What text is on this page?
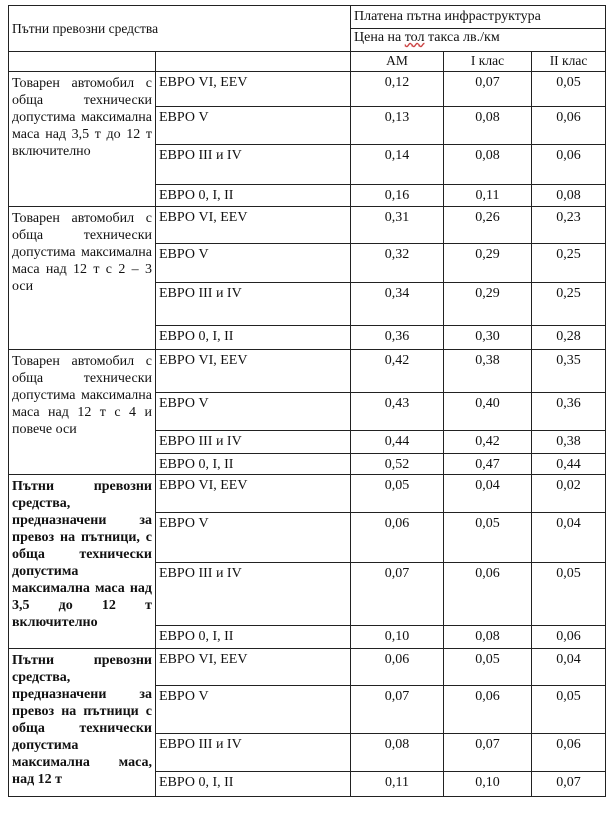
Пътни превозни средства		Платена пътна инфраструктура		
		Цена на тол такса лв./км		
		АМ	I клас	II клас
Товарен автомобил с обща технически допустима максимална маса над 3,5 т до 12 т включително	ЕВРО VI, EEV	0,12	0,07	0,05
	ЕВРО V	0,13	0,08	0,06
	ЕВРО III и IV	0,14	0,08	0,06
	ЕВРО 0, I, II	0,16	0,11	0,08
Товарен автомобил с обща технически допустима максимална маса над 12 т с 2 – 3 оси	ЕВРО VI, EEV	0,31	0,26	0,23
	ЕВРО V	0,32	0,29	0,25
	ЕВРО III и IV	0,34	0,29	0,25
	ЕВРО 0, I, II	0,36	0,30	0,28
Товарен автомобил с обща технически допустима максимална маса над 12 т с 4 и повече оси	ЕВРО VI, EEV	0,42	0,38	0,35
	ЕВРО V	0,43	0,40	0,36
	ЕВРО III и IV	0,44	0,42	0,38
	ЕВРО 0, I, II	0,52	0,47	0,44
Пътни превозни средства, предназначени за превоз на пътници, с обща технически допустима максимална маса над 3,5 до 12 т включително	ЕВРО VI, EEV	0,05	0,04	0,02
	ЕВРО V	0,06	0,05	0,04
	ЕВРО III и IV	0,07	0,06	0,05
	ЕВРО 0, I, II	0,10	0,08	0,06
Пътни превозни средства, предназначени за превоз на пътници с обща технически допустима максимална маса, над 12 т	ЕВРО VI, EEV	0,06	0,05	0,04
	ЕВРО V	0,07	0,06	0,05
	ЕВРО III и IV	0,08	0,07	0,06
	ЕВРО 0, I, II	0,11	0,10	0,07
